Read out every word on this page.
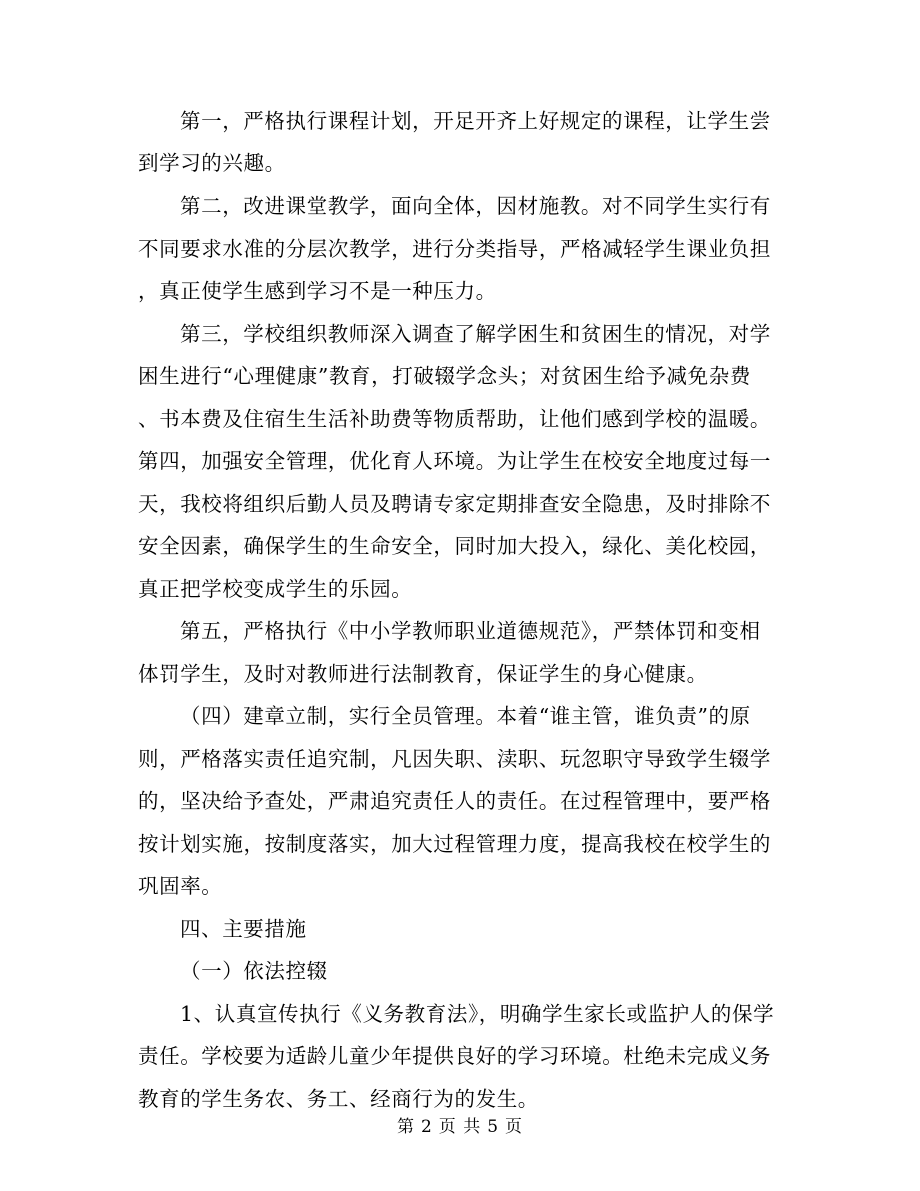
第一，严格执行课程计划，开足开齐上好规定的课程，让学生尝
到学习的兴趣。
第二，改进课堂教学，面向全体，因材施教。对不同学生实行有
不同要求水准的分层次教学，进行分类指导，严格减轻学生课业负担
，真正使学生感到学习不是一种压力。
第三，学校组织教师深入调查了解学困生和贫困生的情况，对学
困生进行“心理健康”教育，打破辍学念头；对贫困生给予减免杂费
、书本费及住宿生生活补助费等物质帮助，让他们感到学校的温暖。
第四，加强安全管理，优化育人环境。为让学生在校安全地度过每一
天，我校将组织后勤人员及聘请专家定期排查安全隐患，及时排除不
安全因素，确保学生的生命安全，同时加大投入，绿化、美化校园，
真正把学校变成学生的乐园。
第五，严格执行《中小学教师职业道德规范》，严禁体罚和变相
体罚学生，及时对教师进行法制教育，保证学生的身心健康。
（四）建章立制，实行全员管理。本着“谁主管，谁负责”的原
则，严格落实责任追究制，凡因失职、渎职、玩忽职守导致学生辍学
的，坚决给予查处，严肃追究责任人的责任。在过程管理中，要严格
按计划实施，按制度落实，加大过程管理力度，提高我校在校学生的
巩固率。
四、主要措施
（一）依法控辍
1、认真宣传执行《义务教育法》，明确学生家长或监护人的保学
责任。学校要为适龄儿童少年提供良好的学习环境。杜绝未完成义务
教育的学生务农、务工、经商行为的发生。
第 2 页 共 5 页
